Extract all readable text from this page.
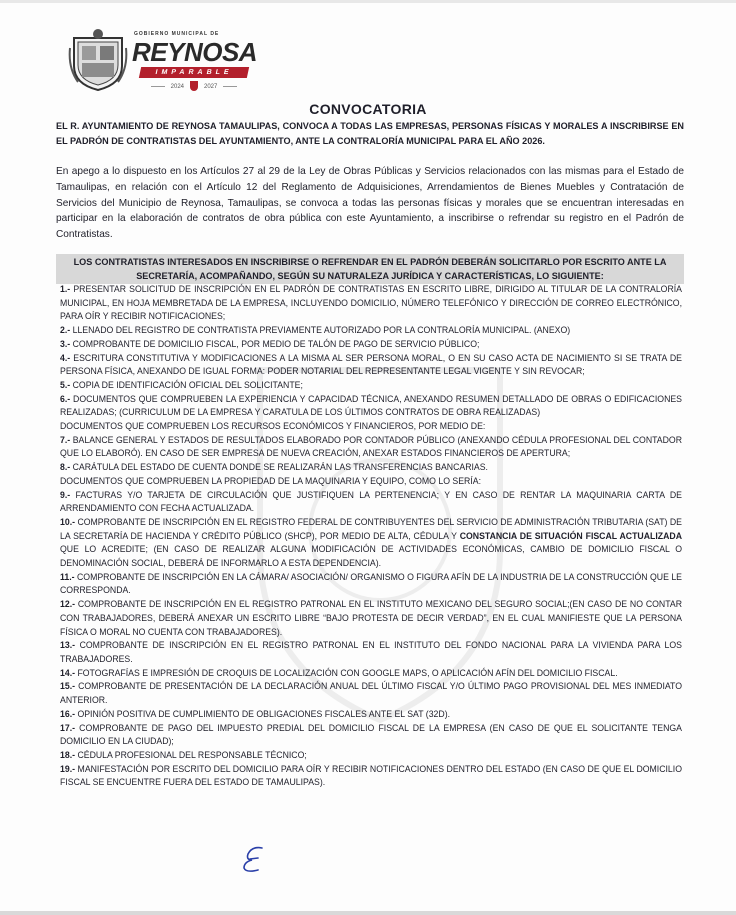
GOBIERNO MUNICIPAL DE
REYNOSA
IMPARABLE
2024	2027
CONVOCATORIA
EL R. AYUNTAMIENTO DE REYNOSA TAMAULIPAS, CONVOCA A TODAS LAS EMPRESAS, PERSONAS FÍSICAS Y MORALES A INSCRIBIRSE EN EL PADRÓN DE CONTRATISTAS DEL AYUNTAMIENTO, ANTE LA CONTRALORÍA MUNICIPAL PARA EL AÑO 2026.
En apego a lo dispuesto en los Artículos 27 al 29 de la Ley de Obras Públicas y Servicios relacionados con las mismas para el Estado de Tamaulipas, en relación con el Artículo 12 del Reglamento de Adquisiciones, Arrendamientos de Bienes Muebles y Contratación de Servicios del Municipio de Reynosa, Tamaulipas, se convoca a todas las personas físicas y morales que se encuentran interesadas en participar en la elaboración de contratos de obra pública con este Ayuntamiento, a inscribirse o refrendar su registro en el Padrón de Contratistas.
LOS CONTRATISTAS INTERESADOS EN INSCRIBIRSE O REFRENDAR EN EL PADRÓN DEBERÁN SOLICITARLO POR ESCRITO ANTE LA SECRETARÍA, ACOMPAÑANDO, SEGÚN SU NATURALEZA JURÍDICA Y CARACTERÍSTICAS, LO SIGUIENTE:

1.- PRESENTAR SOLICITUD DE INSCRIPCIÓN EN EL PADRÓN DE CONTRATISTAS EN ESCRITO LIBRE, DIRIGIDO AL TITULAR DE LA CONTRALORÍA MUNICIPAL, EN HOJA MEMBRETADA DE LA EMPRESA, INCLUYENDO DOMICILIO, NÚMERO TELEFÓNICO Y DIRECCIÓN DE CORREO ELECTRÓNICO, PARA OÍR Y RECIBIR NOTIFICACIONES;

2.- LLENADO DEL REGISTRO DE CONTRATISTA PREVIAMENTE AUTORIZADO POR LA CONTRALORÍA MUNICIPAL. (ANEXO)

3.- COMPROBANTE DE DOMICILIO FISCAL, POR MEDIO DE TALÓN DE PAGO DE SERVICIO PÚBLICO;

4.- ESCRITURA CONSTITUTIVA Y MODIFICACIONES A LA MISMA AL SER PERSONA MORAL, O EN SU CASO ACTA DE NACIMIENTO SI SE TRATA DE PERSONA FÍSICA, ANEXANDO DE IGUAL FORMA: PODER NOTARIAL DEL REPRESENTANTE LEGAL VIGENTE Y SIN REVOCAR;

5.- COPIA DE IDENTIFICACIÓN OFICIAL DEL SOLICITANTE;

6.- DOCUMENTOS QUE COMPRUEBEN LA EXPERIENCIA Y CAPACIDAD TÉCNICA, ANEXANDO RESUMEN DETALLADO DE OBRAS O EDIFICACIONES REALIZADAS; (CURRICULUM DE LA EMPRESA Y CARATULA DE LOS ÚLTIMOS CONTRATOS DE OBRA REALIZADAS)

DOCUMENTOS QUE COMPRUEBEN LOS RECURSOS ECONÓMICOS Y FINANCIEROS, POR MEDIO DE:

7.- BALANCE GENERAL Y ESTADOS DE RESULTADOS ELABORADO POR CONTADOR PÚBLICO (ANEXANDO CÉDULA PROFESIONAL DEL CONTADOR QUE LO ELABORÓ). EN CASO DE SER EMPRESA DE NUEVA CREACIÓN, ANEXAR ESTADOS FINANCIEROS DE APERTURA;

8.- CARÁTULA DEL ESTADO DE CUENTA DONDE SE REALIZARÁN LAS TRANSFERENCIAS BANCARIAS.

DOCUMENTOS QUE COMPRUEBEN LA PROPIEDAD DE LA MAQUINARIA Y EQUIPO, COMO LO SERÍA:

9.- FACTURAS Y/O TARJETA DE CIRCULACIÓN QUE JUSTIFIQUEN LA PERTENENCIA; Y EN CASO DE RENTAR LA MAQUINARIA CARTA DE ARRENDAMIENTO CON FECHA ACTUALIZADA.

10.- COMPROBANTE DE INSCRIPCIÓN EN EL REGISTRO FEDERAL DE CONTRIBUYENTES DEL SERVICIO DE ADMINISTRACIÓN TRIBUTARIA (SAT) DE LA SECRETARÍA DE HACIENDA Y CRÉDITO PÚBLICO (SHCP), POR MEDIO DE ALTA, CÉDULA Y CONSTANCIA DE SITUACIÓN FISCAL ACTUALIZADA QUE LO ACREDITE; (EN CASO DE REALIZAR ALGUNA MODIFICACIÓN DE ACTIVIDADES ECONÓMICAS, CAMBIO DE DOMICILIO FISCAL O DENOMINACIÓN SOCIAL, DEBERÁ DE INFORMARLO A ESTA DEPENDENCIA).

11.- COMPROBANTE DE INSCRIPCIÓN EN LA CÁMARA/ ASOCIACIÓN/ ORGANISMO O FIGURA AFÍN DE LA INDUSTRIA DE LA CONSTRUCCIÓN QUE LE CORRESPONDA.

12.- COMPROBANTE DE INSCRIPCIÓN EN EL REGISTRO PATRONAL EN EL INSTITUTO MEXICANO DEL SEGURO SOCIAL;(EN CASO DE NO CONTAR CON TRABAJADORES, DEBERÁ ANEXAR UN ESCRITO LIBRE “BAJO PROTESTA DE DECIR VERDAD”, EN EL CUAL MANIFIESTE QUE LA PERSONA FÍSICA O MORAL NO CUENTA CON TRABAJADORES).

13.- COMPROBANTE DE INSCRIPCIÓN EN EL REGISTRO PATRONAL EN EL INSTITUTO DEL FONDO NACIONAL PARA LA VIVIENDA PARA LOS TRABAJADORES.

14.- FOTOGRAFÍAS E IMPRESIÓN DE CROQUIS DE LOCALIZACIÓN CON GOOGLE MAPS, O APLICACIÓN AFÍN DEL DOMICILIO FISCAL.

15.- COMPROBANTE DE PRESENTACIÓN DE LA DECLARACIÓN ANUAL DEL ÚLTIMO FISCAL Y/O ÚLTIMO PAGO PROVISIONAL DEL MES INMEDIATO ANTERIOR.

16.- OPINIÓN POSITIVA DE CUMPLIMIENTO DE OBLIGACIONES FISCALES ANTE EL SAT (32D).

17.- COMPROBANTE DE PAGO DEL IMPUESTO PREDIAL DEL DOMICILIO FISCAL DE LA EMPRESA (EN CASO DE QUE EL SOLICITANTE TENGA DOMICILIO EN LA CIUDAD);

18.- CÉDULA PROFESIONAL DEL RESPONSABLE TÉCNICO;

19.- MANIFESTACIÓN POR ESCRITO DEL DOMICILIO PARA OÍR Y RECIBIR NOTIFICACIONES DENTRO DEL ESTADO (EN CASO DE QUE EL DOMICILIO FISCAL SE ENCUENTRE FUERA DEL ESTADO DE TAMAULIPAS).
